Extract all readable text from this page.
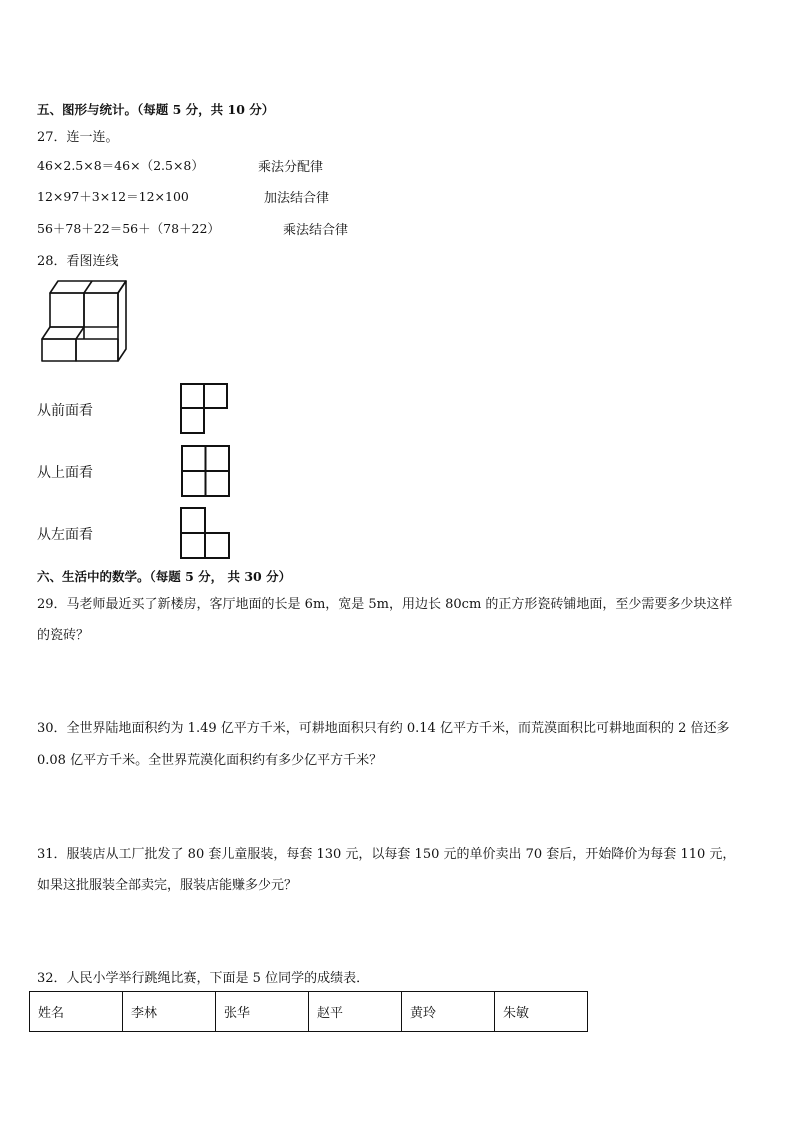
五、图形与统计。（每题 5 分，共 10 分）
27．连一连。
46×2.5×8＝46×（2.5×8）	乘法分配律
12×97＋3×12＝12×100	加法结合律
56＋78＋22＝56＋（78＋22）	乘法结合律
28．看图连线
从前面看
从上面看
从左面看
六、生活中的数学。（每题 5 分， 共 30 分）
29．马老师最近买了新楼房，客厅地面的长是 6m，宽是 5m，用边长 80cm 的正方形瓷砖铺地面，至少需要多少块这样
的瓷砖？
30．全世界陆地面积约为 1.49 亿平方千米，可耕地面积只有约 0.14 亿平方千米，而荒漠面积比可耕地面积的 2 倍还多
0.08 亿平方千米。全世界荒漠化面积约有多少亿平方千米？
31．服装店从工厂批发了 80 套儿童服装，每套 130 元，以每套 150 元的单价卖出 70 套后，开始降价为每套 110 元，
如果这批服装全部卖完，服装店能赚多少元？
32．人民小学举行跳绳比赛，下面是 5 位同学的成绩表．
姓名	李林	张华	赵平	黄玲	朱敏
